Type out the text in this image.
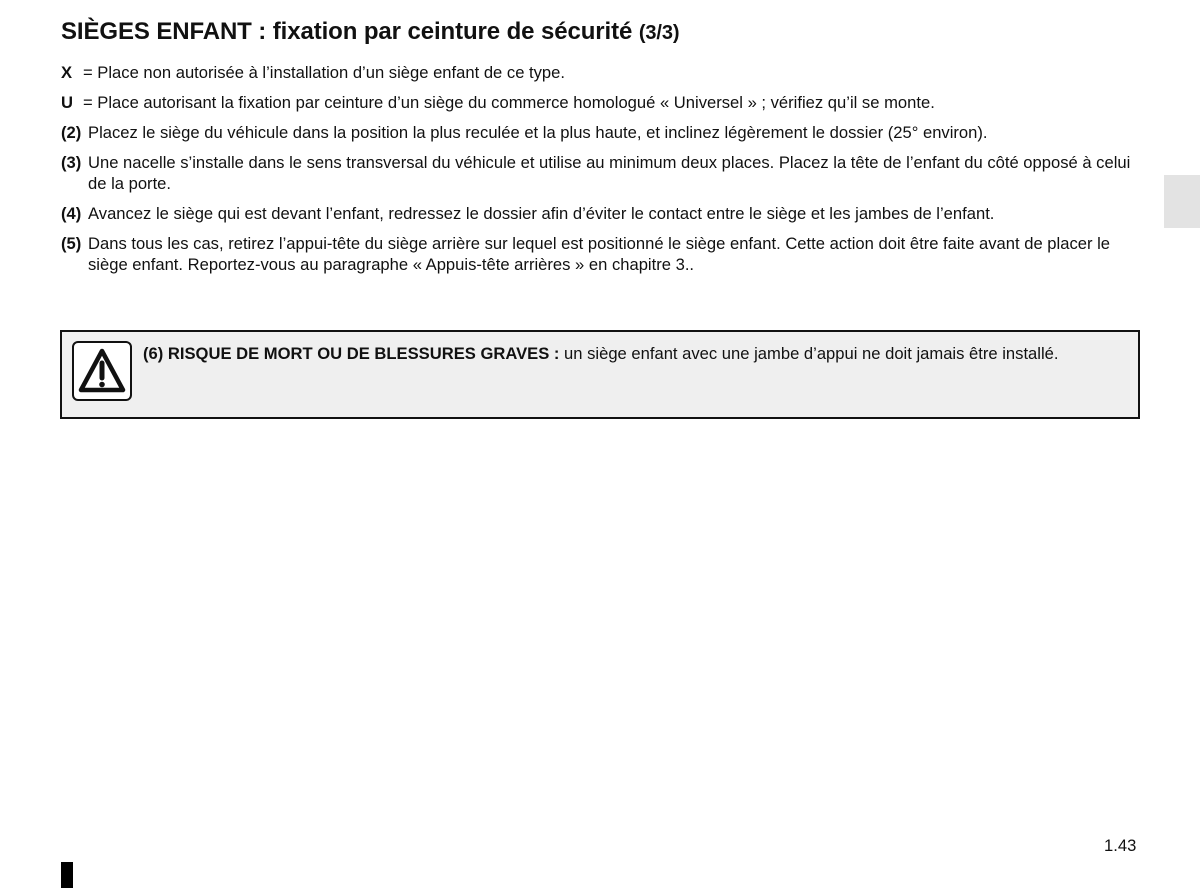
SIÈGES ENFANT : fixation par ceinture de sécurité (3/3)
X = Place non autorisée à l’installation d’un siège enfant de ce type.
U = Place autorisant la fixation par ceinture d’un siège du commerce homologué « Universel » ; vérifiez qu’il se monte.
(2) Placez le siège du véhicule dans la position la plus reculée et la plus haute, et inclinez légèrement le dossier (25° environ).
(3) Une nacelle s’installe dans le sens transversal du véhicule et utilise au minimum deux places. Placez la tête de l’enfant du côté opposé à celui de la porte.
(4) Avancez le siège qui est devant l’enfant, redressez le dossier afin d’éviter le contact entre le siège et les jambes de l’enfant.
(5) Dans tous les cas, retirez l’appui-tête du siège arrière sur lequel est positionné le siège enfant. Cette action doit être faite avant de placer le siège enfant. Reportez-vous au paragraphe « Appuis-tête arrières » en chapitre 3..
(6) RISQUE DE MORT OU DE BLESSURES GRAVES : un siège enfant avec une jambe d’appui ne doit jamais être installé.
1.43
